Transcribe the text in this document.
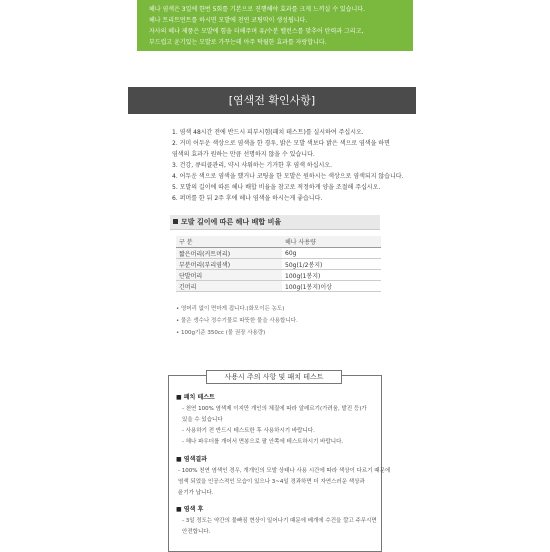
헤나 염색은 3일에 한번 5회를 기본으로 진행해야 효과를 크게 느끼실 수 있습니다.

헤나 트리트먼트를 하시면 모발에 천연 코팅막이 생성됩니다.

자사의 헤나 제품은 모발에 힘을 더해주며 유/수분 밸런스를 맞추어 탄력과 그리고,

부드럽고 윤기있는 모발로 가꾸는데 아주 탁월한 효과를 자랑합니다.

[염색전 확인사항]

1. 염색 48시간 전에 반드시 피부시험(패치 테스트)를 실시하여 주십시오.

2. 거미 어두운 색상으로 염색을 한 경우, 밝은 모발 색보다 밝은 색으로 염색을 하면

염색의 효과가 원하는 만큼 선명하지 않을 수 있습니다.

3. 건강, 큐티클관리, 약시 샤워하는 기거한 후 염색 하십시오.

4. 어두운 색으로 염색을 했거나 코팅을 한 모발은 원하시는 색상으로 염색되지 않습니다.

5. 모발의 길이에 따른 헤나 배합 비율을 참고로 적정하게 양을 조절해 주십시오.

6. 퍼머를 한 뒤 2주 후에 헤나 염색을 하시는게 좋습니다.

모발 길이에 따른 헤나 배합 비율
구 분	헤나 사용량
짧은머리(커트머리)	60g
부분머리(부리염색)	50g(1/2봉지)
단발머리	100g(1봉지)
긴머리	100g(1봉지)이상

• 영머리 없이 면마게 접니다.(화모이든 농도)

• 물은 생수나 정수기물로 따뜻한 물을 사용합니다.

• 100g기준 350cc (물 권장 사용량)

사용시 주의 사항 및 패치 테스트

■ 패치 테스트

- 천연 100% 염색제 이지만 개인의 체질에 따라 알레르기(가려움, 발진 등)가

있을 수 있습니다

- 사용하기 전 반드시 테스트한 후 사용하시기 바랍니다.

- 헤나 파우더를 개어서 면봉으로 팔 안쪽에 테스트하시기 바랍니다.

■ 염색결과

- 100% 천연 염색인 경우, 개개인의 모발 상태나 사용 시간에 따라 색상이 다르기 때문에

염색 되었을 인공스적인 모습이 있으나 3~4일 경과하면 더 자연스러운 색상과

윤기가 납니다.

■ 염색 후

- 3일 정도는 약간의 물빠짐 현상이 일어나기 때문에 베개에 수건을 깔고 주무시면

안전합니다.
